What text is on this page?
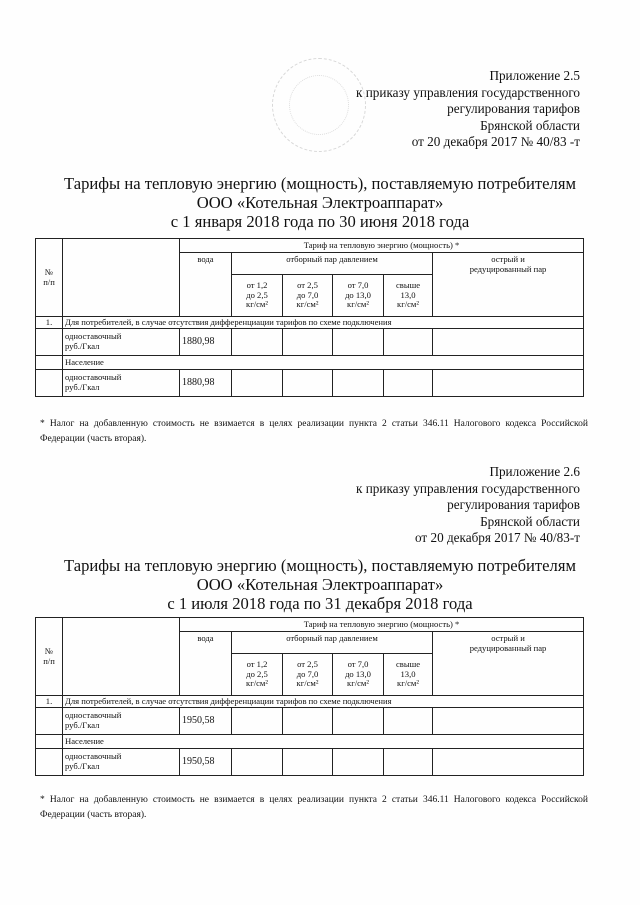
Приложение 2.5
к приказу управления государственного
регулирования тарифов
Брянской области
от 20 декабря 2017 № 40/83 -т
Тарифы на тепловую энергию (мощность), поставляемую потребителям
ООО «Котельная Электроаппарат»
с 1 января 2018 года по 30 июня 2018 года
№
п/п		Тариф на тепловую энергию (мощность) *					
		вода	отборный пар давлением				острый и
редуцированный пар
			от 1,2
до 2,5
кг/см²	от 2,5
до 7,0
кг/см²	от 7,0
до 13,0
кг/см²	свыше
13,0
кг/см²	
1.	Для потребителей, в случае отсутствия дифференциации тарифов по схеме подключения						
	одноставочный
руб./Гкал	1880,98					
	Население						
	одноставочный
руб./Гкал	1880,98					
* Налог на добавленную стоимость не взимается в целях реализации пункта 2 статьи 346.11 Налогового кодекса Российской Федерации (часть вторая).
Приложение 2.6
к приказу управления государственного
регулирования тарифов
Брянской области
от 20 декабря 2017 № 40/83-т
Тарифы на тепловую энергию (мощность), поставляемую потребителям
ООО «Котельная Электроаппарат»
с 1 июля 2018 года по 31 декабря 2018 года
№
п/п		Тариф на тепловую энергию (мощность) *					
		вода	отборный пар давлением				острый и
редуцированный пар
			от 1,2
до 2,5
кг/см²	от 2,5
до 7,0
кг/см²	от 7,0
до 13,0
кг/см²	свыше
13,0
кг/см²	
1.	Для потребителей, в случае отсутствия дифференциации тарифов по схеме подключения						
	одноставочный
руб./Гкал	1950,58					
	Население						
	одноставочный
руб./Гкал	1950,58					
* Налог на добавленную стоимость не взимается в целях реализации пункта 2 статьи 346.11 Налогового кодекса Российской Федерации (часть вторая).
